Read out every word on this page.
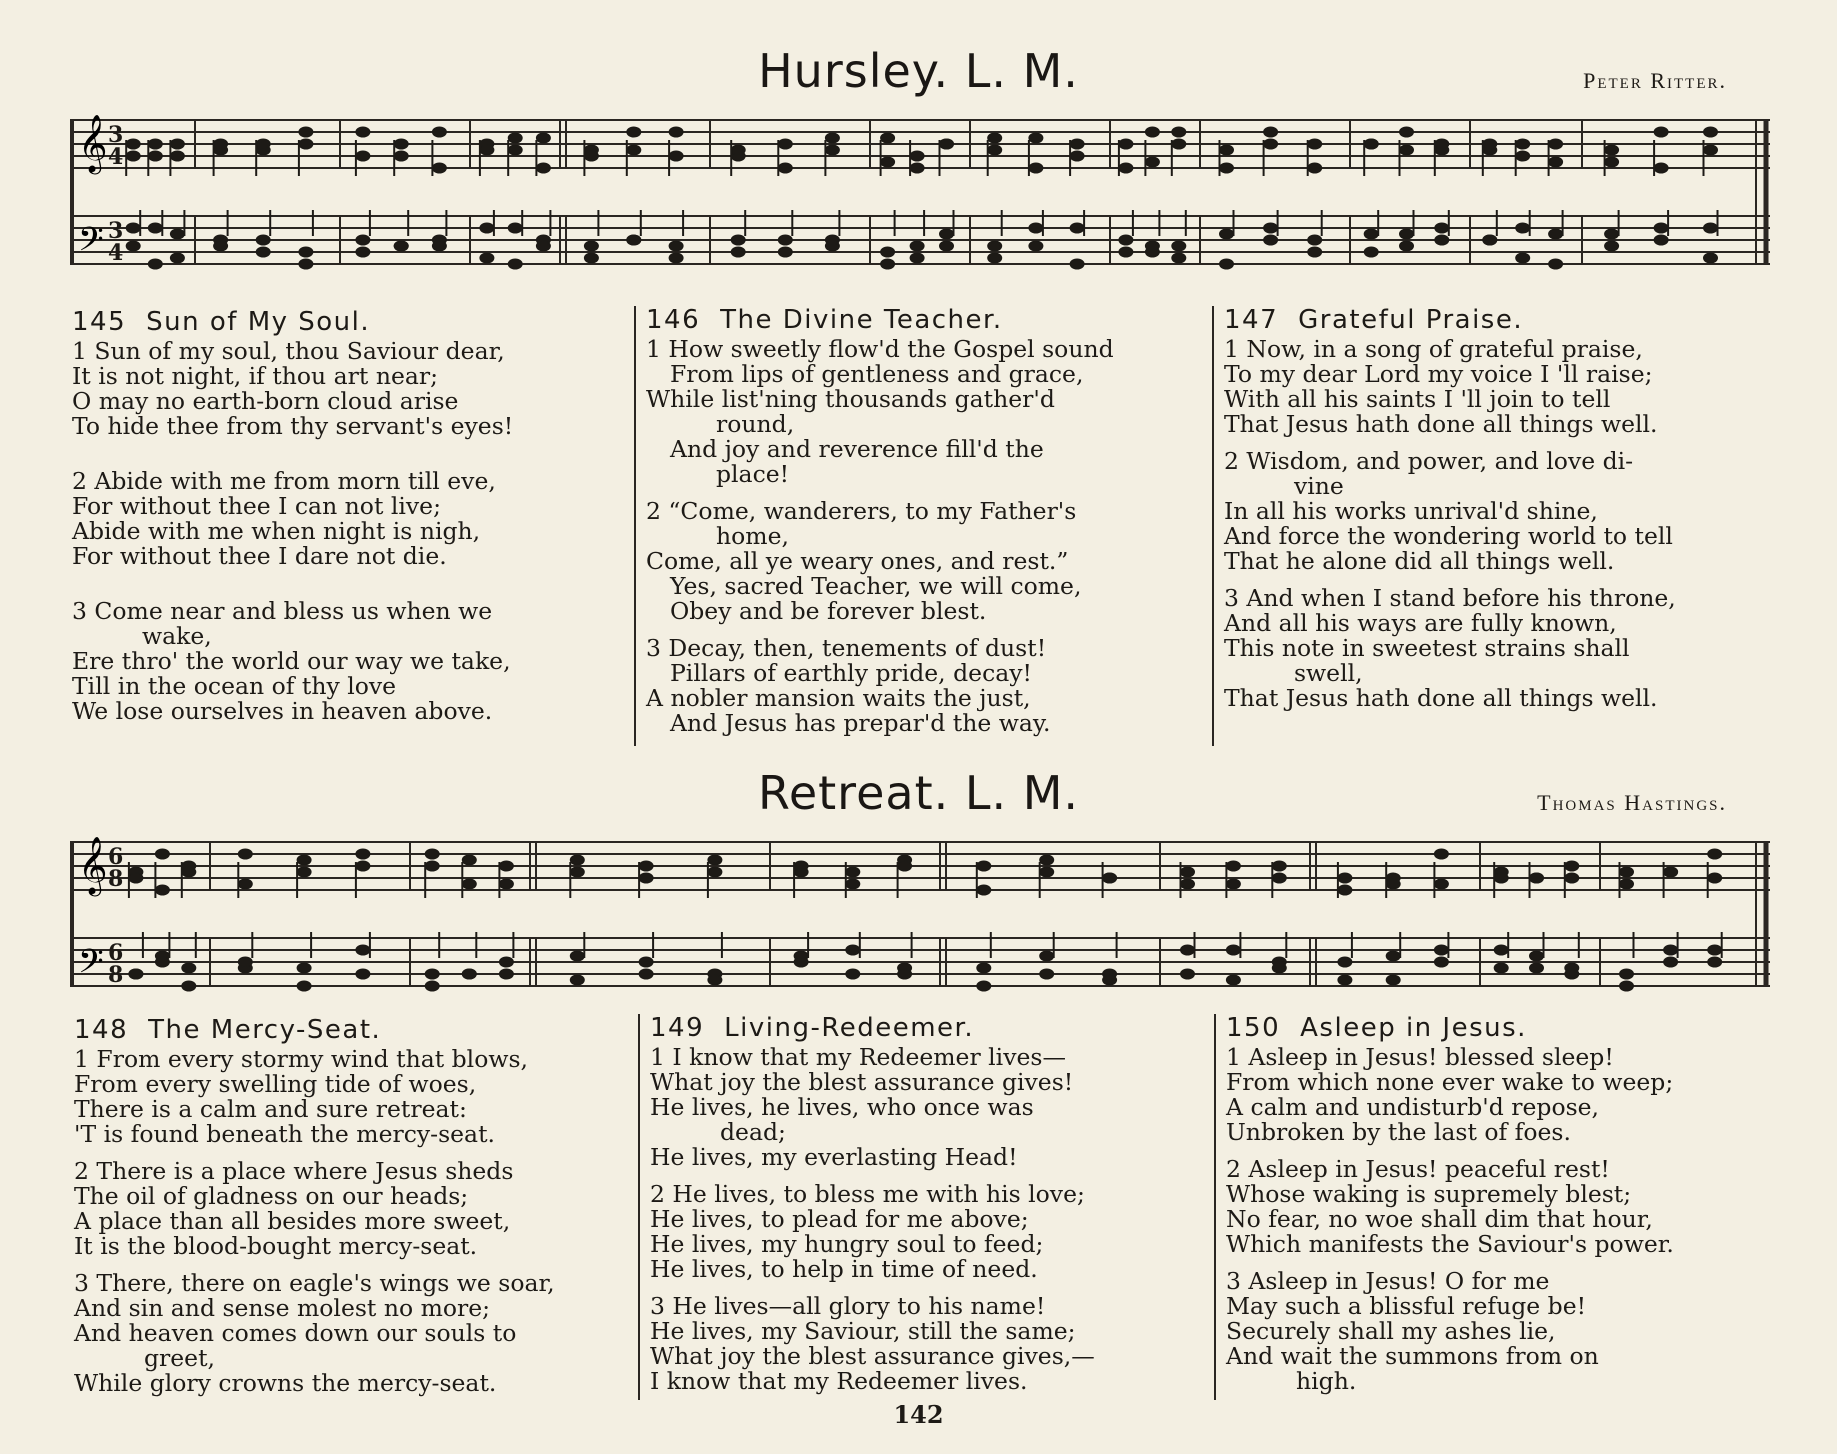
Hursley. L. M.	Peter Ritter.
3
4
3
4
𝄞
𝄢
145 Sun of My Soul.
1 Sun of my soul, thou Saviour dear,
It is not night, if thou art near;
O may no earth-born cloud arise
To hide thee from thy servant's eyes!
2 Abide with me from morn till eve,
For without thee I can not live;
Abide with me when night is nigh,
For without thee I dare not die.
3 Come near and bless us when we
wake,
Ere thro' the world our way we take,
Till in the ocean of thy love
We lose ourselves in heaven above.
146 The Divine Teacher.
1 How sweetly flow'd the Gospel sound
From lips of gentleness and grace,
While list'ning thousands gather'd
round,
And joy and reverence fill'd the
place!
2 “Come, wanderers, to my Father's
home,
Come, all ye weary ones, and rest.”
Yes, sacred Teacher, we will come,
Obey and be forever blest.
3 Decay, then, tenements of dust!
Pillars of earthly pride, decay!
A nobler mansion waits the just,
And Jesus has prepar'd the way.
147 Grateful Praise.
1 Now, in a song of grateful praise,
To my dear Lord my voice I 'll raise;
With all his saints I 'll join to tell
That Jesus hath done all things well.
2 Wisdom, and power, and love di-
vine
In all his works unrival'd shine,
And force the wondering world to tell
That he alone did all things well.
3 And when I stand before his throne,
And all his ways are fully known,
This note in sweetest strains shall
swell,
That Jesus hath done all things well.
Retreat. L. M.	Thomas Hastings.
6
8
6
8
𝄞
𝄢
148 The Mercy-Seat.
1 From every stormy wind that blows,
From every swelling tide of woes,
There is a calm and sure retreat:
'T is found beneath the mercy-seat.
2 There is a place where Jesus sheds
The oil of gladness on our heads;
A place than all besides more sweet,
It is the blood-bought mercy-seat.
3 There, there on eagle's wings we soar,
And sin and sense molest no more;
And heaven comes down our souls to
greet,
While glory crowns the mercy-seat.
149 Living-Redeemer.
1 I know that my Redeemer lives—
What joy the blest assurance gives!
He lives, he lives, who once was
dead;
He lives, my everlasting Head!
2 He lives, to bless me with his love;
He lives, to plead for me above;
He lives, my hungry soul to feed;
He lives, to help in time of need.
3 He lives—all glory to his name!
He lives, my Saviour, still the same;
What joy the blest assurance gives,—
I know that my Redeemer lives.
150 Asleep in Jesus.
1 Asleep in Jesus! blessed sleep!
From which none ever wake to weep;
A calm and undisturb'd repose,
Unbroken by the last of foes.
2 Asleep in Jesus! peaceful rest!
Whose waking is supremely blest;
No fear, no woe shall dim that hour,
Which manifests the Saviour's power.
3 Asleep in Jesus! O for me
May such a blissful refuge be!
Securely shall my ashes lie,
And wait the summons from on
high.
142
